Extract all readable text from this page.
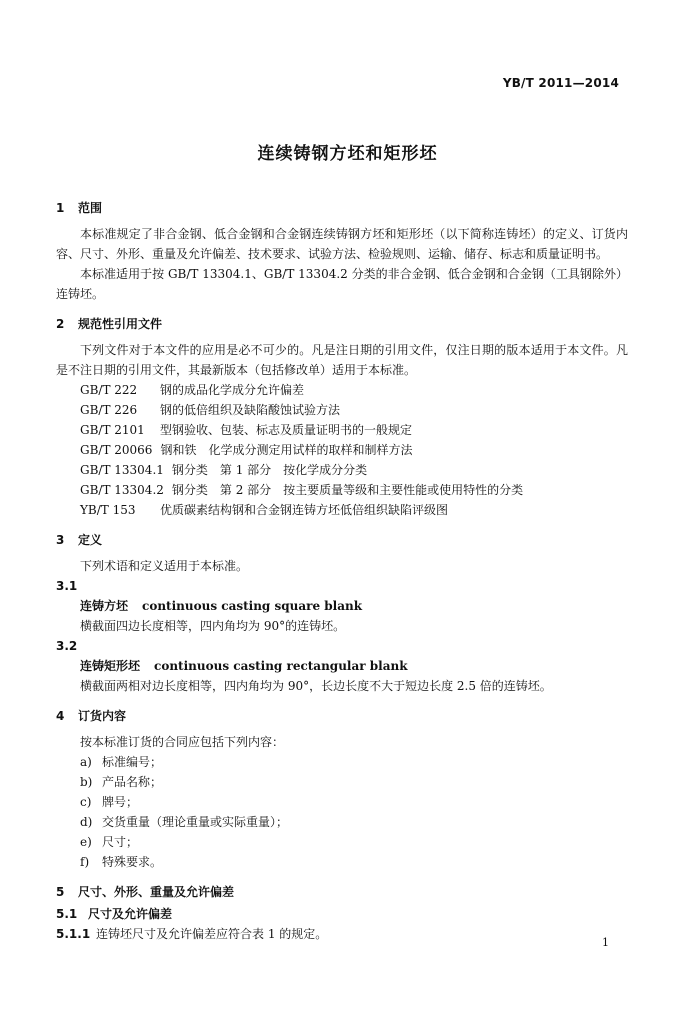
YB/T 2011—2014
连续铸钢方坯和矩形坯
1 范围

本标准规定了非合金钢、低合金钢和合金钢连续铸钢方坯和矩形坯（以下简称连铸坯）的定义、订货内容、尺寸、外形、重量及允许偏差、技术要求、试验方法、检验规则、运输、储存、标志和质量证明书。

本标准适用于按 GB/T 13304.1、GB/T 13304.2 分类的非合金钢、低合金钢和合金钢（工具钢除外）连铸坯。

2 规范性引用文件

下列文件对于本文件的应用是必不可少的。凡是注日期的引用文件，仅注日期的版本适用于本文件。凡是不注日期的引用文件，其最新版本（包括修改单）适用于本标准。

GB/T 222 钢的成品化学成分允许偏差

GB/T 226 钢的低倍组织及缺陷酸蚀试验方法

GB/T 2101 型钢验收、包装、标志及质量证明书的一般规定

GB/T 20066 钢和铁　化学成分测定用试样的取样和制样方法

GB/T 13304.1 钢分类　第 1 部分　按化学成分分类

GB/T 13304.2 钢分类　第 2 部分　按主要质量等级和主要性能或使用特性的分类

YB/T 153 优质碳素结构钢和合金钢连铸方坯低倍组织缺陷评级图

3 定义

下列术语和定义适用于本标准。

3.1

连铸方坯 continuous casting square blank

横截面四边长度相等，四内角均为 90°的连铸坯。

3.2

连铸矩形坯 continuous casting rectangular blank

横截面两相对边长度相等，四内角均为 90°，长边长度不大于短边长度 2.5 倍的连铸坯。

4 订货内容

按本标准订货的合同应包括下列内容：

a) 标准编号；

b) 产品名称；

c) 牌号；

d) 交货重量（理论重量或实际重量）；

e) 尺寸；

f) 特殊要求。

5 尺寸、外形、重量及允许偏差
5.1 尺寸及允许偏差

5.1.1 连铸坯尺寸及允许偏差应符合表 1 的规定。

1
